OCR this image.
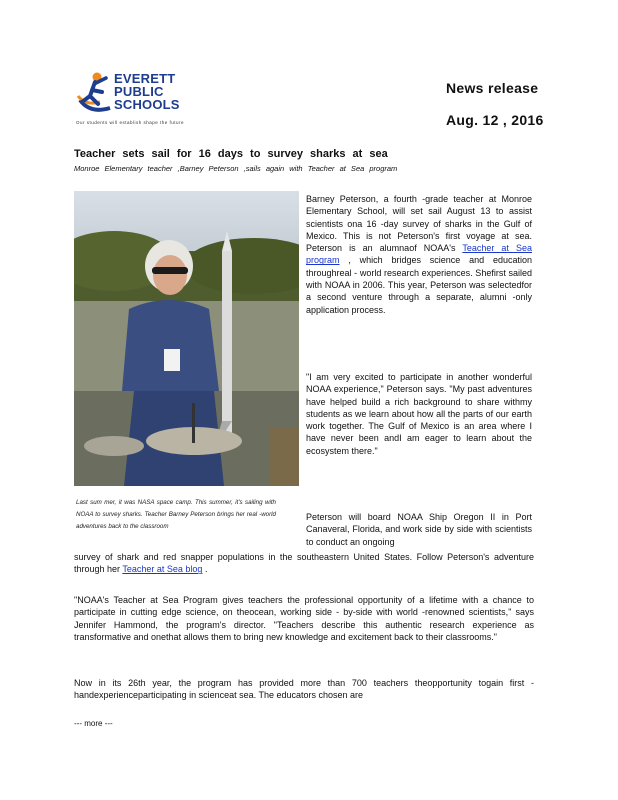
EVERETT
PUBLIC
SCHOOLS
Our students will establish shape the future
News release
Aug. 12 , 2016
Teacher sets sail for 16 days to survey sharks at sea
Monroe Elementary teacher ,Barney Peterson ,sails again with Teacher at Sea program
Last sum mer, it was NASA space camp. This summer, it's sailing with NOAA to survey sharks. Teacher Barney Peterson brings her real -world adventures back to the classroom
Barney Peterson, a fourth -grade teacher at Monroe Elementary School, will set sail August 13 to assist scientists ona 16 -day survey of sharks in the Gulf of Mexico. This is not Peterson's first voyage at sea. Peterson is an alumnaof NOAA's Teacher at Sea program , which bridges science and education throughreal - world research experiences. Shefirst sailed with NOAA in 2006. This year, Peterson was selectedfor a second venture through a separate, alumni -only application process.
"I am very excited to participate in another wonderful NOAA experience," Peterson says. "My past adventures have helped build a rich background to share withmy students as we learn about how all the parts of our earth work together. The Gulf of Mexico is an area where I have never been andI am eager to learn about the ecosystem there."
Peterson will board NOAA Ship Oregon II in Port Canaveral, Florida, and work side by side with scientists to conduct an ongoing
survey of shark and red snapper populations in the southeastern United States. Follow Peterson's adventure through her Teacher at Sea blog .
"NOAA's Teacher at Sea Program gives teachers the professional opportunity of a lifetime with a chance to participate in cutting edge science, on theocean, working side - by-side with world -renowned scientists," says Jennifer Hammond, the program's director. "Teachers describe this authentic research experience as transformative and onethat allows them to bring new knowledge and excitement back to their classrooms."
Now in its 26th year, the program has provided more than 700 teachers theopportunity togain first - handexperienceparticipating in scienceat sea. The educators chosen are
--- more ---
